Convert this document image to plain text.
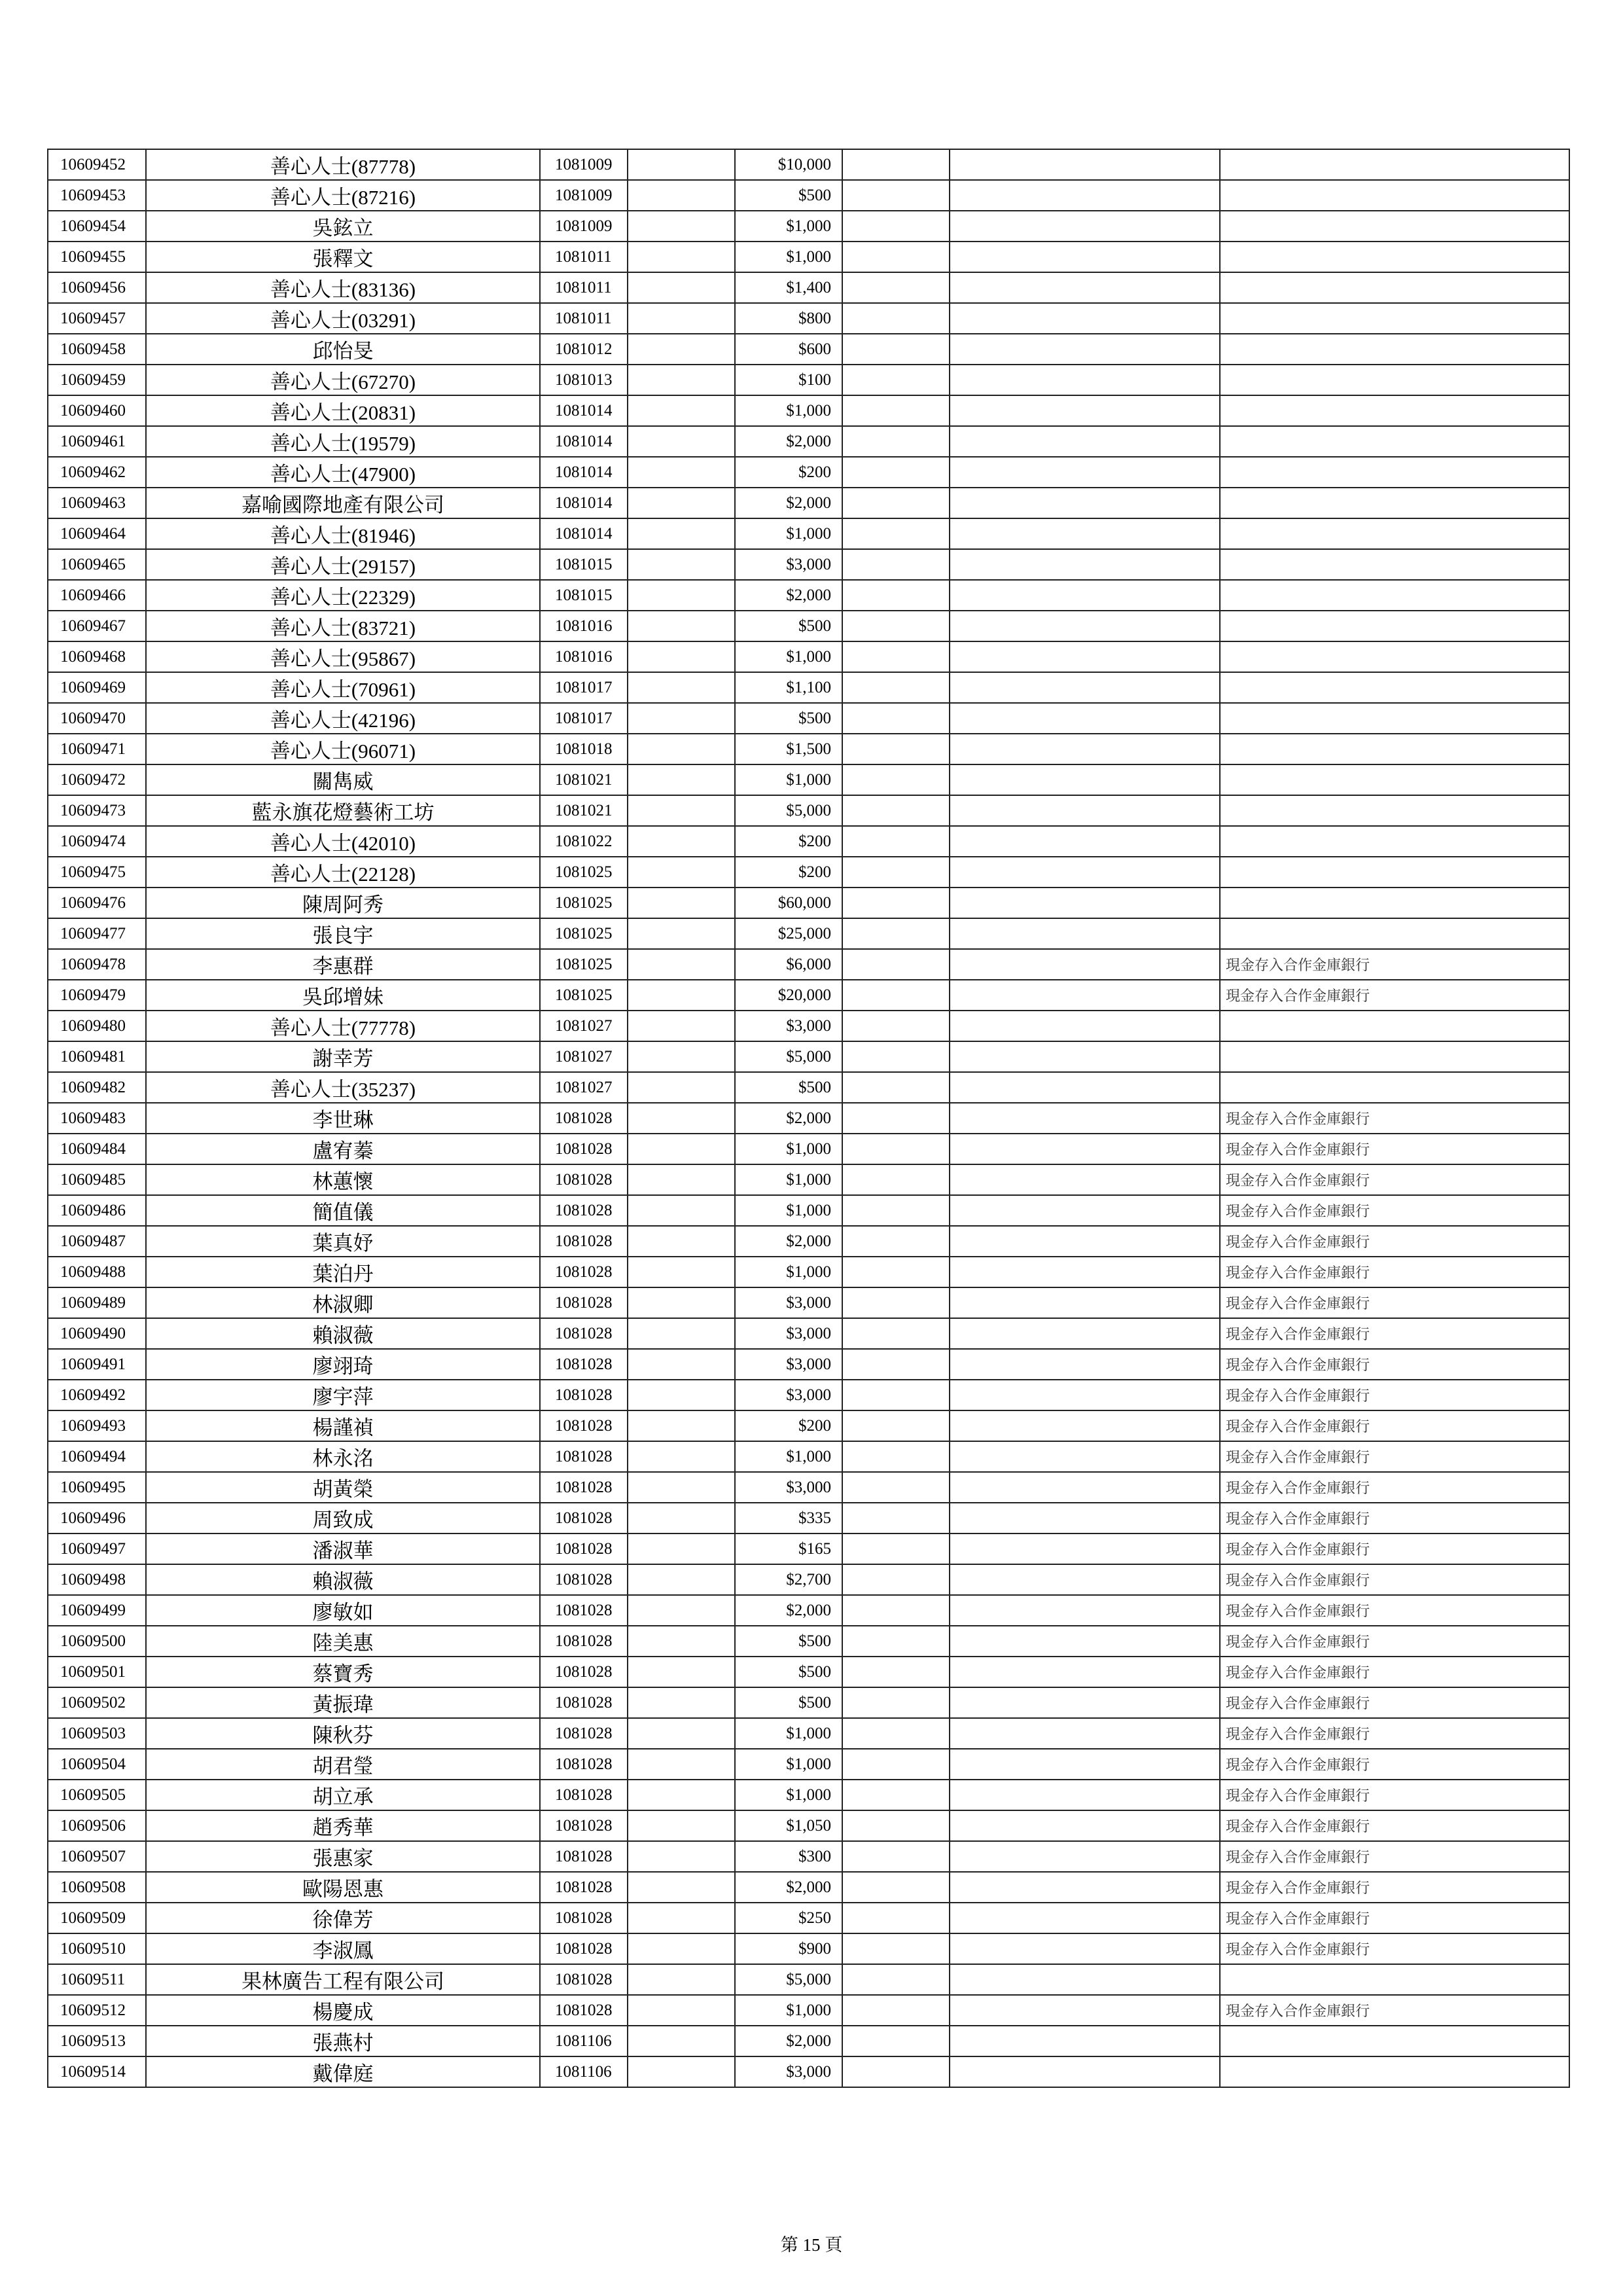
10609452	善心人士(87778)	1081009		$10,000			
10609453	善心人士(87216)	1081009		$500			
10609454	吳鉉立	1081009		$1,000			
10609455	張釋文	1081011		$1,000			
10609456	善心人士(83136)	1081011		$1,400			
10609457	善心人士(03291)	1081011		$800			
10609458	邱怡旻	1081012		$600			
10609459	善心人士(67270)	1081013		$100			
10609460	善心人士(20831)	1081014		$1,000			
10609461	善心人士(19579)	1081014		$2,000			
10609462	善心人士(47900)	1081014		$200			
10609463	嘉喻國際地產有限公司	1081014		$2,000			
10609464	善心人士(81946)	1081014		$1,000			
10609465	善心人士(29157)	1081015		$3,000			
10609466	善心人士(22329)	1081015		$2,000			
10609467	善心人士(83721)	1081016		$500			
10609468	善心人士(95867)	1081016		$1,000			
10609469	善心人士(70961)	1081017		$1,100			
10609470	善心人士(42196)	1081017		$500			
10609471	善心人士(96071)	1081018		$1,500			
10609472	關雋威	1081021		$1,000			
10609473	藍永旗花燈藝術工坊	1081021		$5,000			
10609474	善心人士(42010)	1081022		$200			
10609475	善心人士(22128)	1081025		$200			
10609476	陳周阿秀	1081025		$60,000			
10609477	張良宇	1081025		$25,000			
10609478	李惠群	1081025		$6,000			現金存入合作金庫銀行
10609479	吳邱增妹	1081025		$20,000			現金存入合作金庫銀行
10609480	善心人士(77778)	1081027		$3,000			
10609481	謝幸芳	1081027		$5,000			
10609482	善心人士(35237)	1081027		$500			
10609483	李世琳	1081028		$2,000			現金存入合作金庫銀行
10609484	盧宥蓁	1081028		$1,000			現金存入合作金庫銀行
10609485	林蕙懷	1081028		$1,000			現金存入合作金庫銀行
10609486	簡值儀	1081028		$1,000			現金存入合作金庫銀行
10609487	葉真妤	1081028		$2,000			現金存入合作金庫銀行
10609488	葉泊丹	1081028		$1,000			現金存入合作金庫銀行
10609489	林淑卿	1081028		$3,000			現金存入合作金庫銀行
10609490	賴淑薇	1081028		$3,000			現金存入合作金庫銀行
10609491	廖翊琦	1081028		$3,000			現金存入合作金庫銀行
10609492	廖宇萍	1081028		$3,000			現金存入合作金庫銀行
10609493	楊謹禎	1081028		$200			現金存入合作金庫銀行
10609494	林永洺	1081028		$1,000			現金存入合作金庫銀行
10609495	胡黃榮	1081028		$3,000			現金存入合作金庫銀行
10609496	周致成	1081028		$335			現金存入合作金庫銀行
10609497	潘淑華	1081028		$165			現金存入合作金庫銀行
10609498	賴淑薇	1081028		$2,700			現金存入合作金庫銀行
10609499	廖敏如	1081028		$2,000			現金存入合作金庫銀行
10609500	陸美惠	1081028		$500			現金存入合作金庫銀行
10609501	蔡寶秀	1081028		$500			現金存入合作金庫銀行
10609502	黃振瑋	1081028		$500			現金存入合作金庫銀行
10609503	陳秋芬	1081028		$1,000			現金存入合作金庫銀行
10609504	胡君瑩	1081028		$1,000			現金存入合作金庫銀行
10609505	胡立承	1081028		$1,000			現金存入合作金庫銀行
10609506	趙秀華	1081028		$1,050			現金存入合作金庫銀行
10609507	張惠家	1081028		$300			現金存入合作金庫銀行
10609508	歐陽恩惠	1081028		$2,000			現金存入合作金庫銀行
10609509	徐偉芳	1081028		$250			現金存入合作金庫銀行
10609510	李淑鳳	1081028		$900			現金存入合作金庫銀行
10609511	果林廣告工程有限公司	1081028		$5,000			
10609512	楊慶成	1081028		$1,000			現金存入合作金庫銀行
10609513	張燕村	1081106		$2,000			
10609514	戴偉庭	1081106		$3,000			
第 15 頁
